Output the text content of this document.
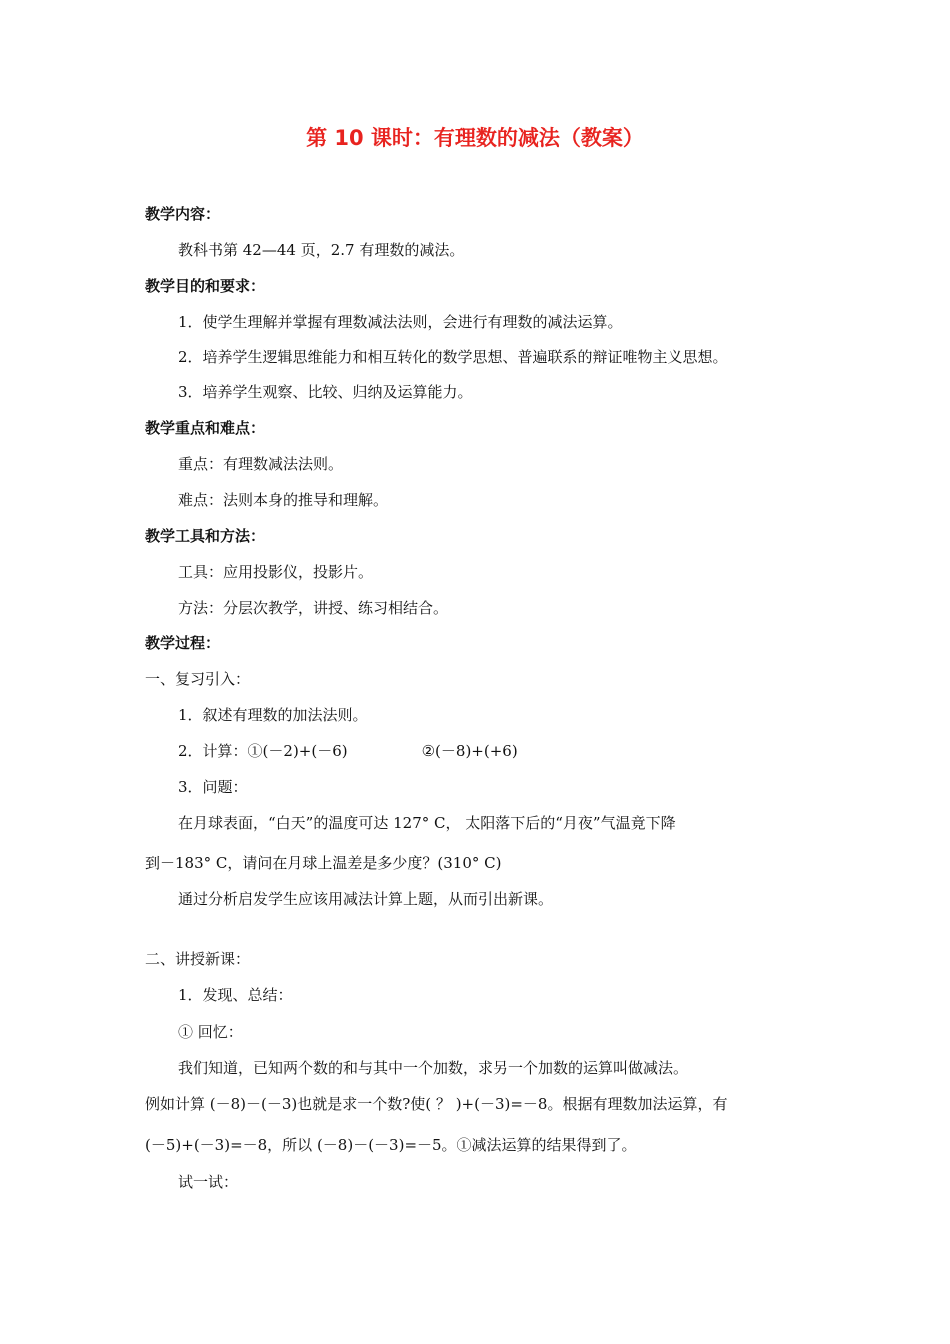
第 10 课时：有理数的减法（教案）
教学内容：
教科书第 42—44 页，2.7 有理数的减法。
教学目的和要求：
1．使学生理解并掌握有理数减法法则，会进行有理数的减法运算。
2．培养学生逻辑思维能力和相互转化的数学思想、普遍联系的辩证唯物主义思想。
3．培养学生观察、比较、归纳及运算能力。
教学重点和难点：
重点：有理数减法法则。
难点：法则本身的推导和理解。
教学工具和方法：
工具：应用投影仪，投影片。
方法：分层次教学，讲授、练习相结合。
教学过程：
一、复习引入：
1．叙述有理数的加法法则。
2．计算：①(－2)+(－6)	②(－8)+(+6)
3．问题：
在月球表面，“白天”的温度可达 127° C， 太阳落下后的“月夜”气温竟下降
到－183° C，请问在月球上温差是多少度？(310° C)
通过分析启发学生应该用减法计算上题，从而引出新课。
二、讲授新课：
1．发现、总结：
① 回忆：
我们知道，已知两个数的和与其中一个加数，求另一个加数的运算叫做减法。
例如计算 (－8)－(－3)也就是求一个数?使( ？ )+(－3)=－8。根据有理数加法运算，有
(－5)+(－3)=－8，所以 (－8)－(－3)=－5。①减法运算的结果得到了。
试一试：
